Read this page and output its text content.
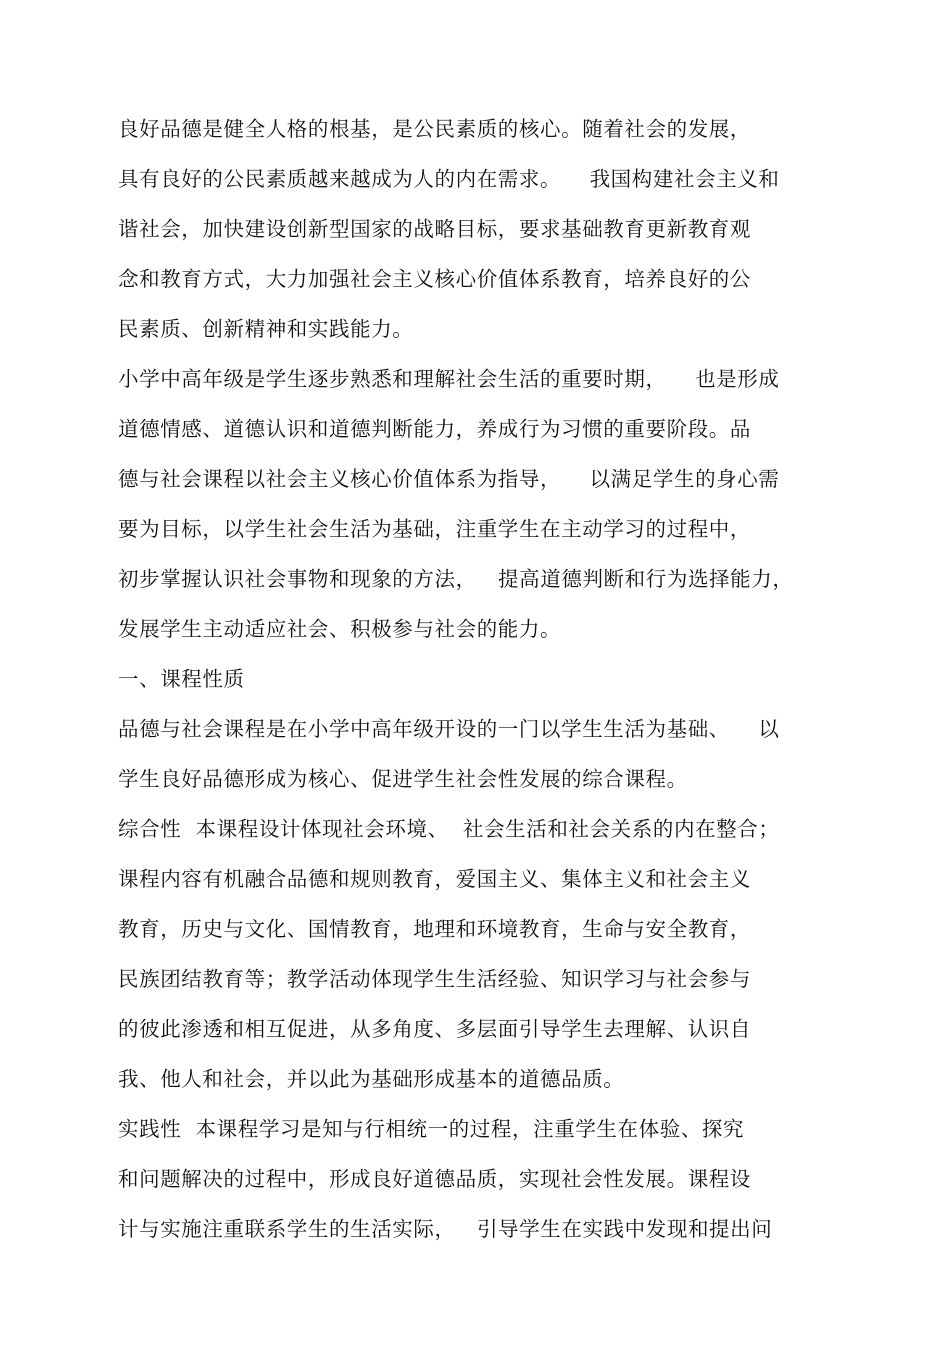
良好品德是健全人格的根基，是公民素质的核心。随着社会的发展，
具有良好的公民素质越来越成为人的内在需求。    我国构建社会主义和
谐社会，加快建设创新型国家的战略目标，要求基础教育更新教育观
念和教育方式，大力加强社会主义核心价值体系教育，培养良好的公
民素质、创新精神和实践能力。
小学中高年级是学生逐步熟悉和理解社会生活的重要时期，    也是形成
道德情感、道德认识和道德判断能力，养成行为习惯的重要阶段。品
德与社会课程以社会主义核心价值体系为指导，    以满足学生的身心需
要为目标，以学生社会生活为基础，注重学生在主动学习的过程中，
初步掌握认识社会事物和现象的方法，   提高道德判断和行为选择能力，
发展学生主动适应社会、积极参与社会的能力。
一、课程性质
品德与社会课程是在小学中高年级开设的一门以学生生活为基础、    以
学生良好品德形成为核心、促进学生社会性发展的综合课程。
综合性  本课程设计体现社会环境、  社会生活和社会关系的内在整合；
课程内容有机融合品德和规则教育，爱国主义、集体主义和社会主义
教育，历史与文化、国情教育，地理和环境教育，生命与安全教育，
民族团结教育等；教学活动体现学生生活经验、知识学习与社会参与
的彼此渗透和相互促进，从多角度、多层面引导学生去理解、认识自
我、他人和社会，并以此为基础形成基本的道德品质。
实践性  本课程学习是知与行相统一的过程，注重学生在体验、探究
和问题解决的过程中，形成良好道德品质，实现社会性发展。课程设
计与实施注重联系学生的生活实际，   引导学生在实践中发现和提出问
